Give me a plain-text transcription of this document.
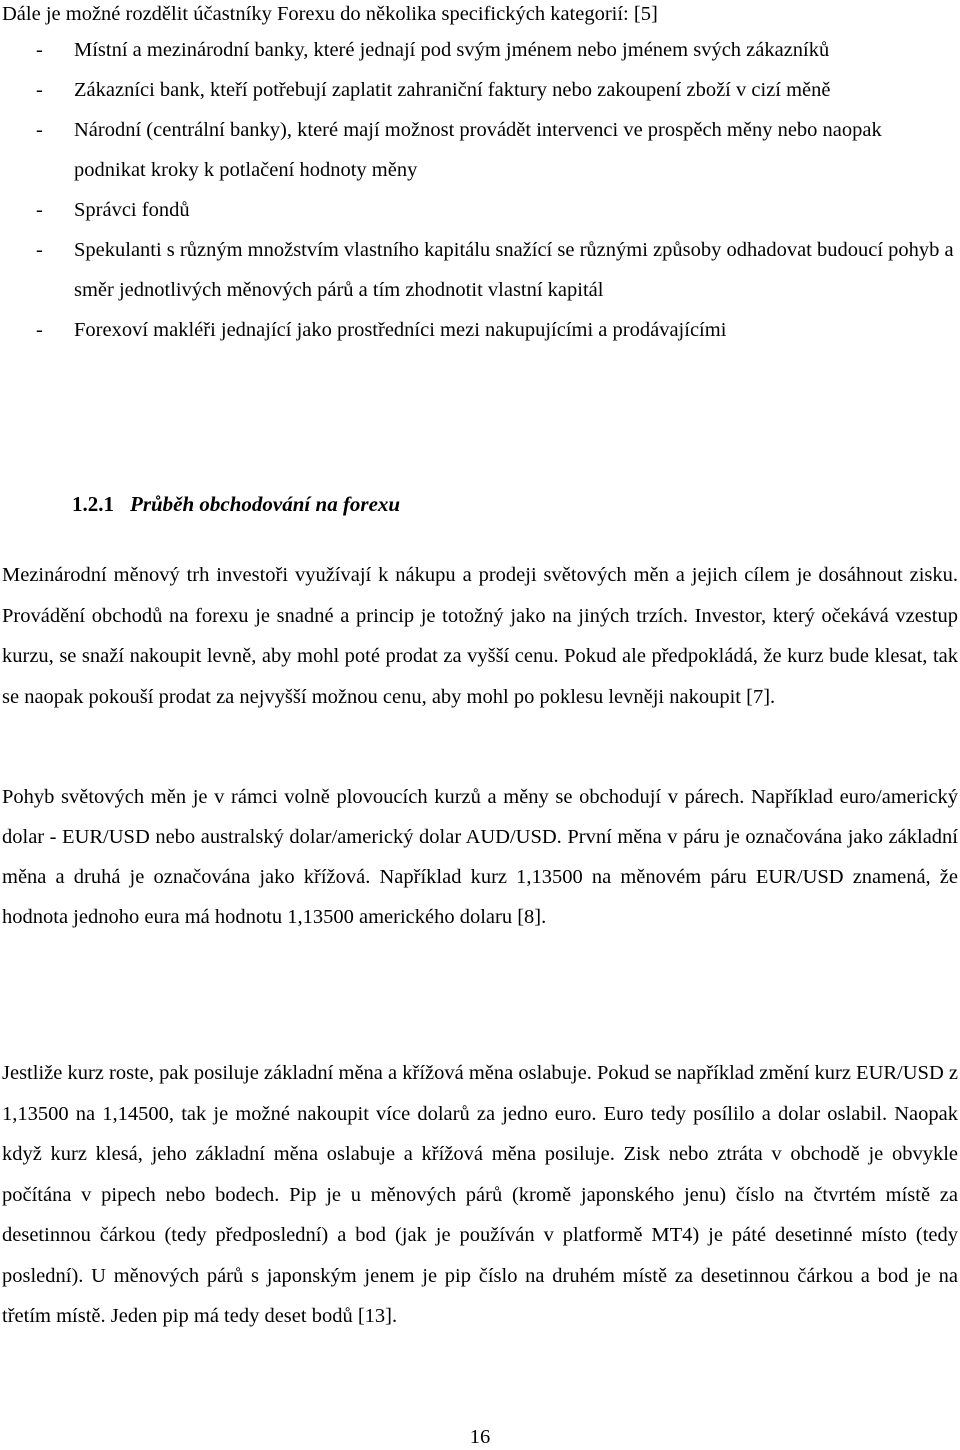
Dále je možné rozdělit účastníky Forexu do několika specifických kategorií: [5]

- Místní a mezinárodní banky, které jednají pod svým jménem nebo jménem svých zákazníků
- Zákazníci bank, kteří potřebují zaplatit zahraniční faktury nebo zakoupení zboží v cizí měně
- Národní (centrální banky), které mají možnost provádět intervenci ve prospěch měny nebo naopak podnikat kroky k potlačení hodnoty měny
- Správci fondů
- Spekulanti s různým množstvím vlastního kapitálu snažící se různými způsoby odhadovat budoucí pohyb a směr jednotlivých měnových párů a tím zhodnotit vlastní kapitál
- Forexoví makléři jednající jako prostředníci mezi nakupujícími a prodávajícími
1.2.1 Průběh obchodování na forexu

Mezinárodní měnový trh investoři využívají k nákupu a prodeji světových měn a jejich cílem je dosáhnout zisku. Provádění obchodů na forexu je snadné a princip je totožný jako na jiných trzích. Investor, který očekává vzestup kurzu, se snaží nakoupit levně, aby mohl poté prodat za vyšší cenu. Pokud ale předpokládá, že kurz bude klesat, tak se naopak pokouší prodat za nejvyšší možnou cenu, aby mohl po poklesu levněji nakoupit [7].

Pohyb světových měn je v rámci volně plovoucích kurzů a měny se obchodují v párech. Například euro/americký dolar - EUR/USD nebo australský dolar/americký dolar AUD/USD. První měna v páru je označována jako základní měna a druhá je označována jako křížová. Například kurz 1,13500 na měnovém páru EUR/USD znamená, že hodnota jednoho eura má hodnotu 1,13500 amerického dolaru [8].

Jestliže kurz roste, pak posiluje základní měna a křížová měna oslabuje. Pokud se například změní kurz EUR/USD z 1,13500 na 1,14500, tak je možné nakoupit více dolarů za jedno euro. Euro tedy posílilo a dolar oslabil. Naopak když kurz klesá, jeho základní měna oslabuje a křížová měna posiluje. Zisk nebo ztráta v obchodě je obvykle počítána v pipech nebo bodech. Pip je u měnových párů (kromě japonského jenu) číslo na čtvrtém místě za desetinnou čárkou (tedy předposlední) a bod (jak je používán v platformě MT4) je páté desetinné místo (tedy poslední). U měnových párů s japonským jenem je pip číslo na druhém místě za desetinnou čárkou a bod je na třetím místě. Jeden pip má tedy deset bodů [13].

16
